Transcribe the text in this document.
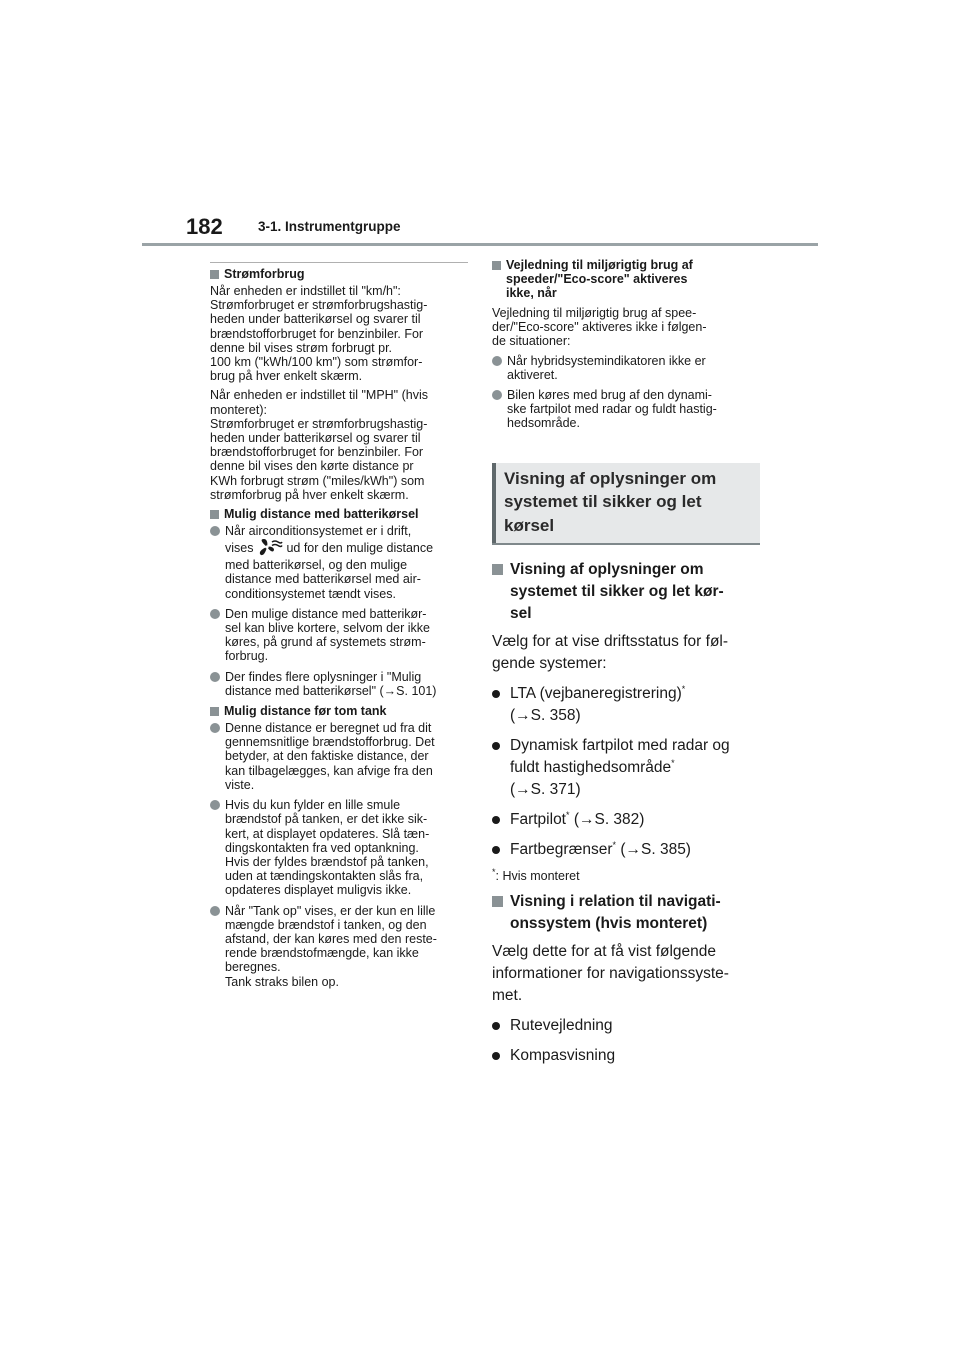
182	3-1. Instrumentgruppe
Strømforbrug

Når enheden er indstillet til "km/h":
Strømforbruget er strømforbrugshastig-
heden under batterikørsel og svarer til
brændstofforbruget for benzinbiler. For
denne bil vises strøm forbrugt pr.
100 km ("kWh/100 km") som strømfor-
brug på hver enkelt skærm.

Når enheden er indstillet til "MPH" (hvis
monteret):
Strømforbruget er strømforbrugshastig-
heden under batterikørsel og svarer til
brændstofforbruget for benzinbiler. For
denne bil vises den kørte distance pr
KWh forbrugt strøm ("miles/kWh") som
strømforbrug på hver enkelt skærm.

Mulig distance med batterikørsel
Når airconditionsystemet er i drift,
vises	ud for den mulige distance
med batterikørsel, og den mulige
distance med batterikørsel med air-
conditionsystemet tændt vises.
Den mulige distance med batterikør-
sel kan blive kortere, selvom der ikke
køres, på grund af systemets strøm-
forbrug.
Der findes flere oplysninger i "Mulig
distance med batterikørsel" (→S. 101)
Mulig distance før tom tank
Denne distance er beregnet ud fra dit
gennemsnitlige brændstofforbrug. Det
betyder, at den faktiske distance, der
kan tilbagelægges, kan afvige fra den
viste.
Hvis du kun fylder en lille smule
brændstof på tanken, er det ikke sik-
kert, at displayet opdateres. Slå tæn-
dingskontakten fra ved optankning.
Hvis der fyldes brændstof på tanken,
uden at tændingskontakten slås fra,
opdateres displayet muligvis ikke.
Når "Tank op" vises, er der kun en lille
mængde brændstof i tanken, og den
afstand, der kan køres med den reste-
rende brændstofmængde, kan ikke
beregnes.
Tank straks bilen op.
Vejledning til miljørigtig brug af
speeder/"Eco-score" aktiveres
ikke, når

Vejledning til miljørigtig brug af spee-
der/"Eco-score" aktiveres ikke i følgen-
de situationer:

Når hybridsystemindikatoren ikke er
aktiveret.
Bilen køres med brug af den dynami-
ske fartpilot med radar og fuldt hastig-
hedsområde.
Visning af oplysninger om
systemet til sikker og let
kørsel
Visning af oplysninger om
systemet til sikker og let kør-
sel

Vælg for at vise driftsstatus for føl-
gende systemer:

LTA (vejbaneregistrering)*
(→S. 358)
Dynamisk fartpilot med radar og
fuldt hastighedsområde*
(→S. 371)
Fartpilot* (→S. 382)
Fartbegrænser* (→S. 385)
*: Hvis monteret
Visning i relation til navigati-
onssystem (hvis monteret)

Vælg dette for at få vist følgende
informationer for navigationssyste-
met.

Rutevejledning
Kompasvisning
